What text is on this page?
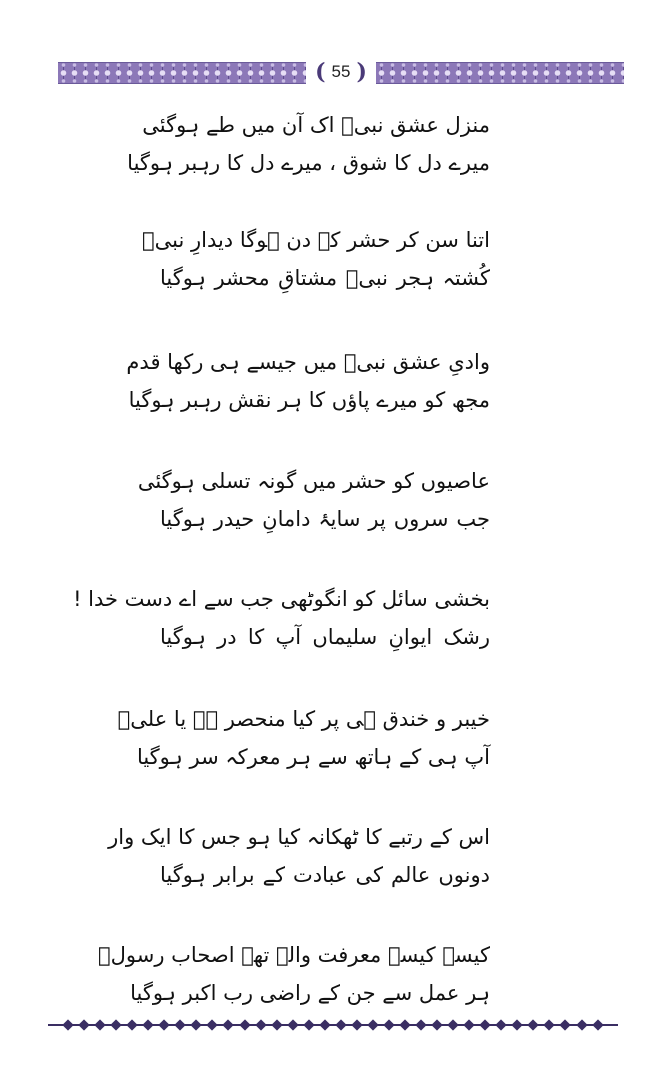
( 55 )
منزل عشق نبیؐ اک آن میں طے ہوگئی
میرے دل کا شوق ، میرے دل کا رہبر ہوگیا
اتنا سن کر حشر کے دن ہوگا دیدارِ نبیؐ
کُشتہ ہجر نبیؐ مشتاقِ محشر ہوگیا
وادیِ عشق نبیؐ میں جیسے ہی رکھا قدم
مجھ کو میرے پاؤں کا ہر نقش رہبر ہوگیا
عاصیوں کو حشر میں گونہ تسلی ہوگئی
جب سروں پر سایۂ دامانِ حیدر ہوگیا
بخشی سائل کو انگوٹھی جب سے اے دست خدا !
رشک ایوانِ سلیماں آپ کا در ہوگیا
خیبر و خندق ہی پر کیا منحصر ہے یا علیؓ
آپ ہی کے ہاتھ سے ہر معرکہ سر ہوگیا
اس کے رتبے کا ٹھکانہ کیا ہو جس کا ایک وار
دونوں عالم کی عبادت کے برابر ہوگیا
کیسے کیسے معرفت والے تھے اصحاب رسولؐ
ہر عمل سے جن کے راضی رب اکبر ہوگیا
